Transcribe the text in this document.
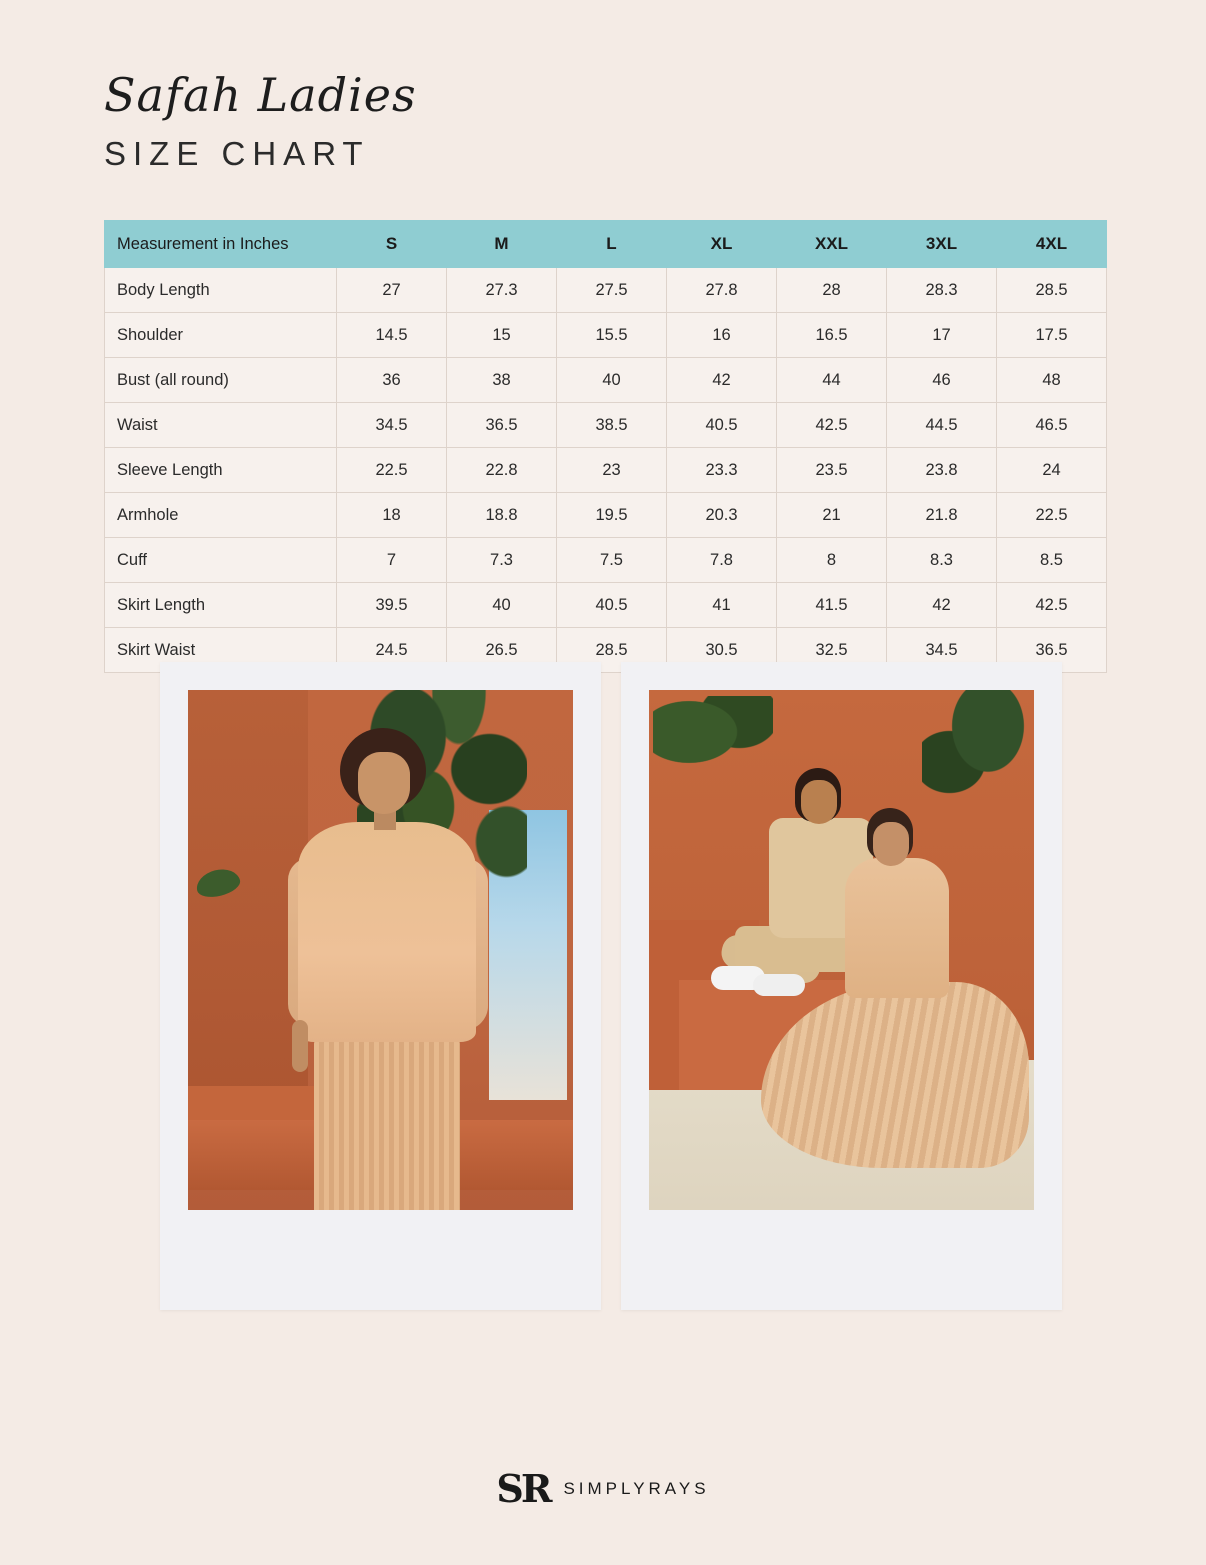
Safah Ladies
SIZE CHART
Measurement in Inches	S	M	L	XL	XXL	3XL	4XL
Body Length	27	27.3	27.5	27.8	28	28.3	28.5
Shoulder	14.5	15	15.5	16	16.5	17	17.5
Bust (all round)	36	38	40	42	44	46	48
Waist	34.5	36.5	38.5	40.5	42.5	44.5	46.5
Sleeve Length	22.5	22.8	23	23.3	23.5	23.8	24
Armhole	18	18.8	19.5	20.3	21	21.8	22.5
Cuff	7	7.3	7.5	7.8	8	8.3	8.5
Skirt Length	39.5	40	40.5	41	41.5	42	42.5
Skirt Waist	24.5	26.5	28.5	30.5	32.5	34.5	36.5
SR SIMPLYRAYS
